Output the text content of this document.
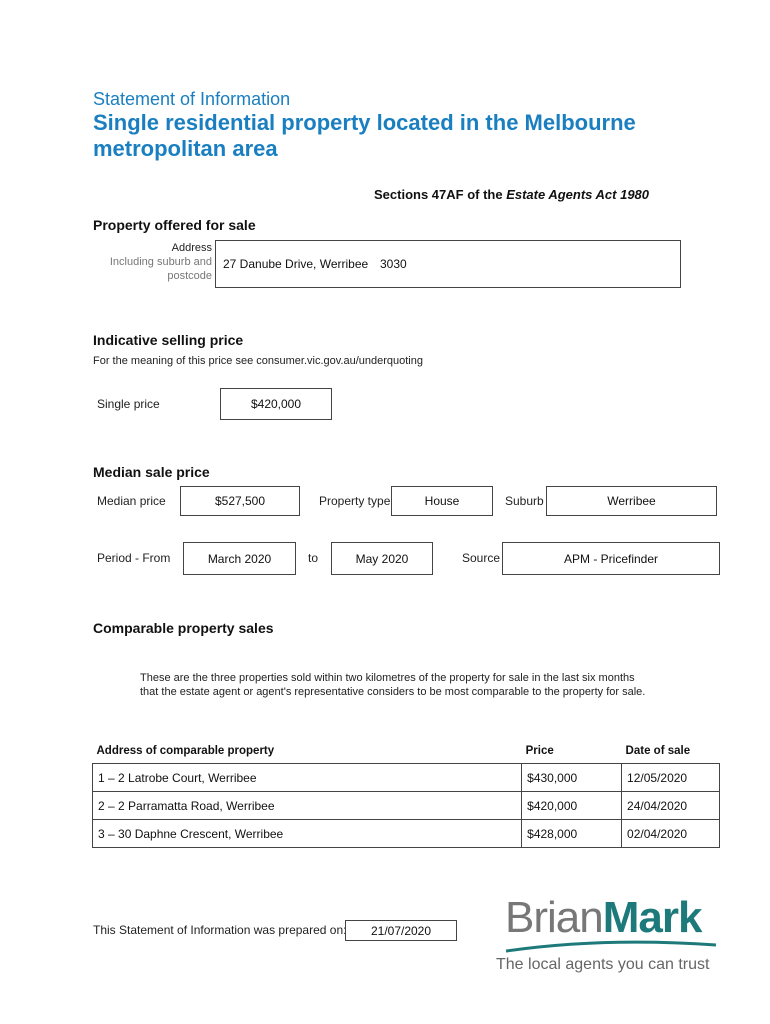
Statement of Information
Single residential property located in the Melbourne metropolitan area
Sections 47AF of the Estate Agents Act 1980
Property offered for sale
Address
Including suburb and
postcode
27 Danube Drive, Werribee 3030
Indicative selling price
For the meaning of this price see consumer.vic.gov.au/underquoting
Single price	$420,000
Median sale price
Median price	$527,500	Property type	House	Suburb	Werribee
Period - From	March 2020	to	May 2020	Source	APM - Pricefinder
Comparable property sales
These are the three properties sold within two kilometres of the property for sale in the last six months
that the estate agent or agent's representative considers to be most comparable to the property for sale.
Address of comparable property	Price	Date of sale
1 – 2 Latrobe Court, Werribee	$430,000	12/05/2020
2 – 2 Parramatta Road, Werribee	$420,000	24/04/2020
3 – 30 Daphne Crescent, Werribee	$428,000	02/04/2020
This Statement of Information was prepared on: 21/07/2020 BrianMark
The local agents you can trust
